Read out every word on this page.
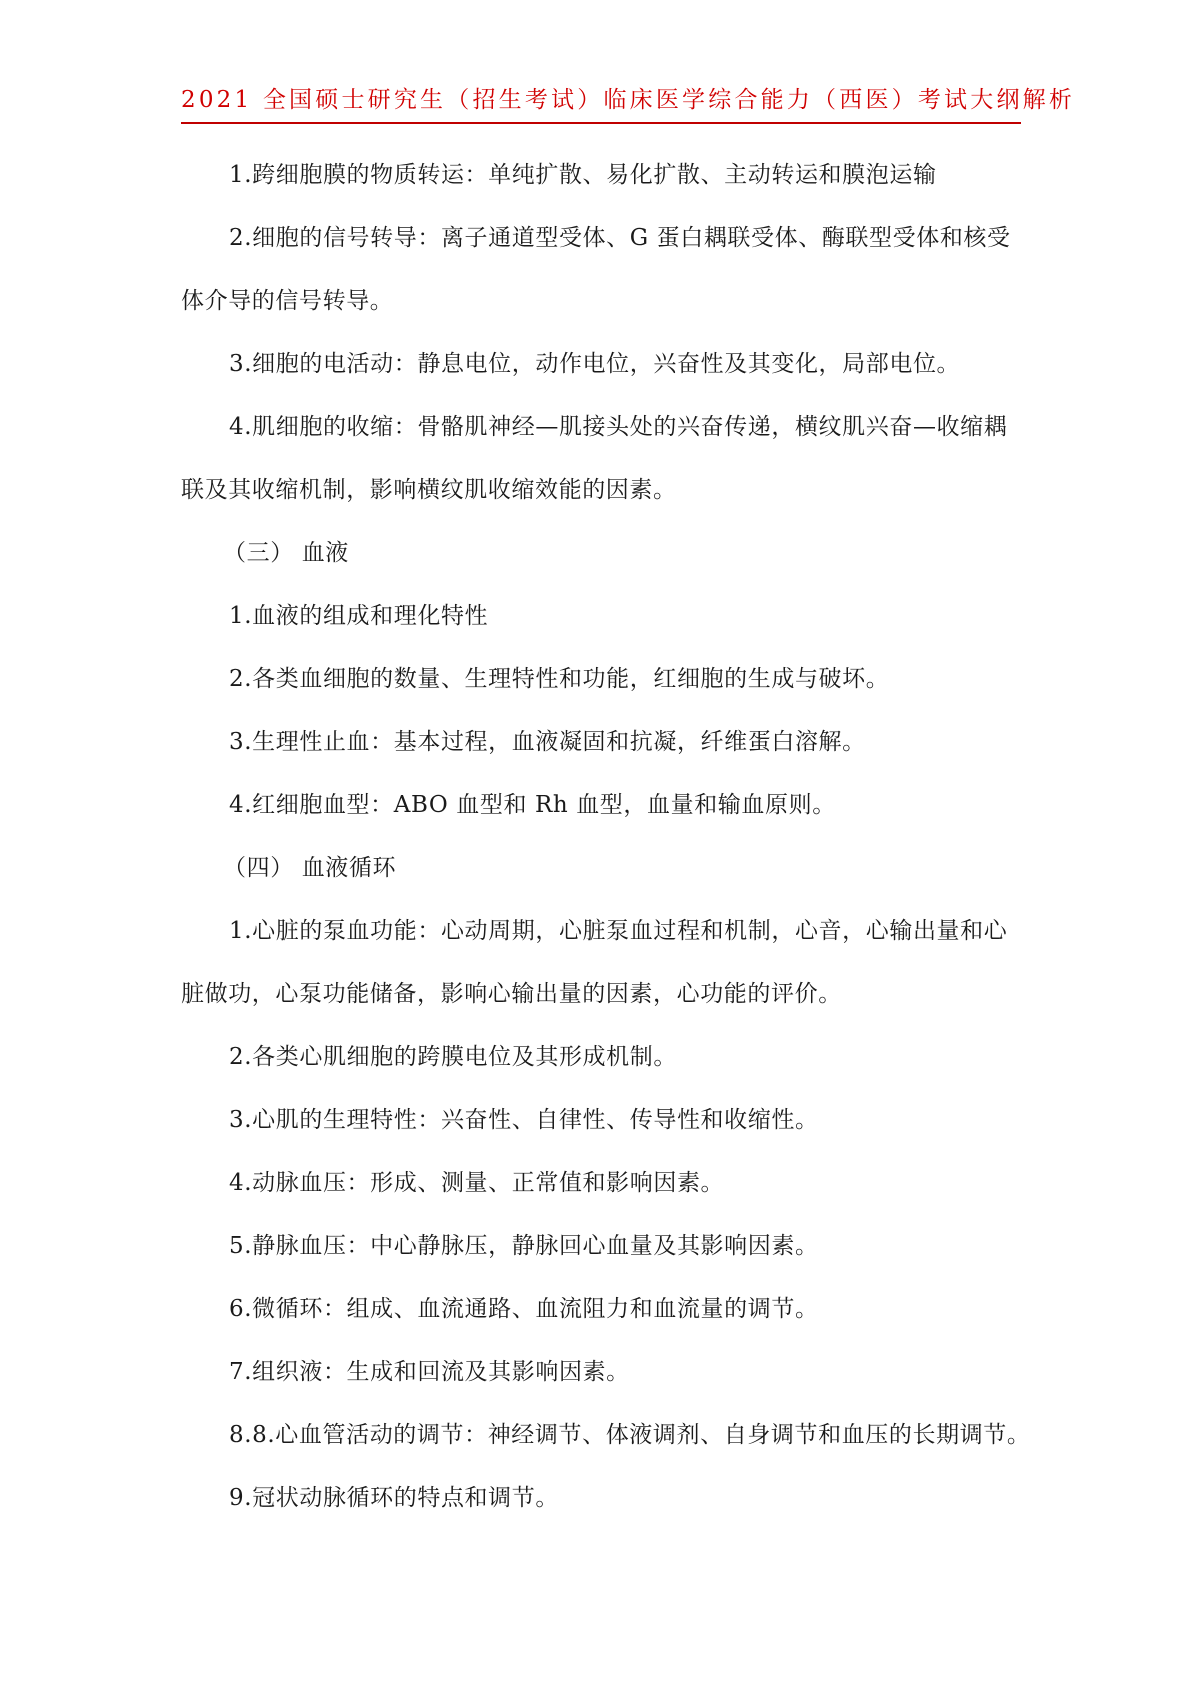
2021 全国硕士研究生（招生考试）临床医学综合能力（西医）考试大纲解析
1.跨细胞膜的物质转运：单纯扩散、易化扩散、主动转运和膜泡运输
2.细胞的信号转导：离子通道型受体、G 蛋白耦联受体、酶联型受体和核受
体介导的信号转导。
3.细胞的电活动：静息电位，动作电位，兴奋性及其变化，局部电位。
4.肌细胞的收缩：骨骼肌神经—肌接头处的兴奋传递，横纹肌兴奋—收缩耦
联及其收缩机制，影响横纹肌收缩效能的因素。
（三） 血液
1.血液的组成和理化特性
2.各类血细胞的数量、生理特性和功能，红细胞的生成与破坏。
3.生理性止血：基本过程，血液凝固和抗凝，纤维蛋白溶解。
4.红细胞血型：ABO 血型和 Rh 血型，血量和输血原则。
（四） 血液循环
1.心脏的泵血功能：心动周期，心脏泵血过程和机制，心音，心输出量和心
脏做功，心泵功能储备，影响心输出量的因素，心功能的评价。
2.各类心肌细胞的跨膜电位及其形成机制。
3.心肌的生理特性：兴奋性、自律性、传导性和收缩性。
4.动脉血压：形成、测量、正常值和影响因素。
5.静脉血压：中心静脉压，静脉回心血量及其影响因素。
6.微循环：组成、血流通路、血流阻力和血流量的调节。
7.组织液：生成和回流及其影响因素。
8.8.心血管活动的调节：神经调节、体液调剂、自身调节和血压的长期调节。
9.冠状动脉循环的特点和调节。
